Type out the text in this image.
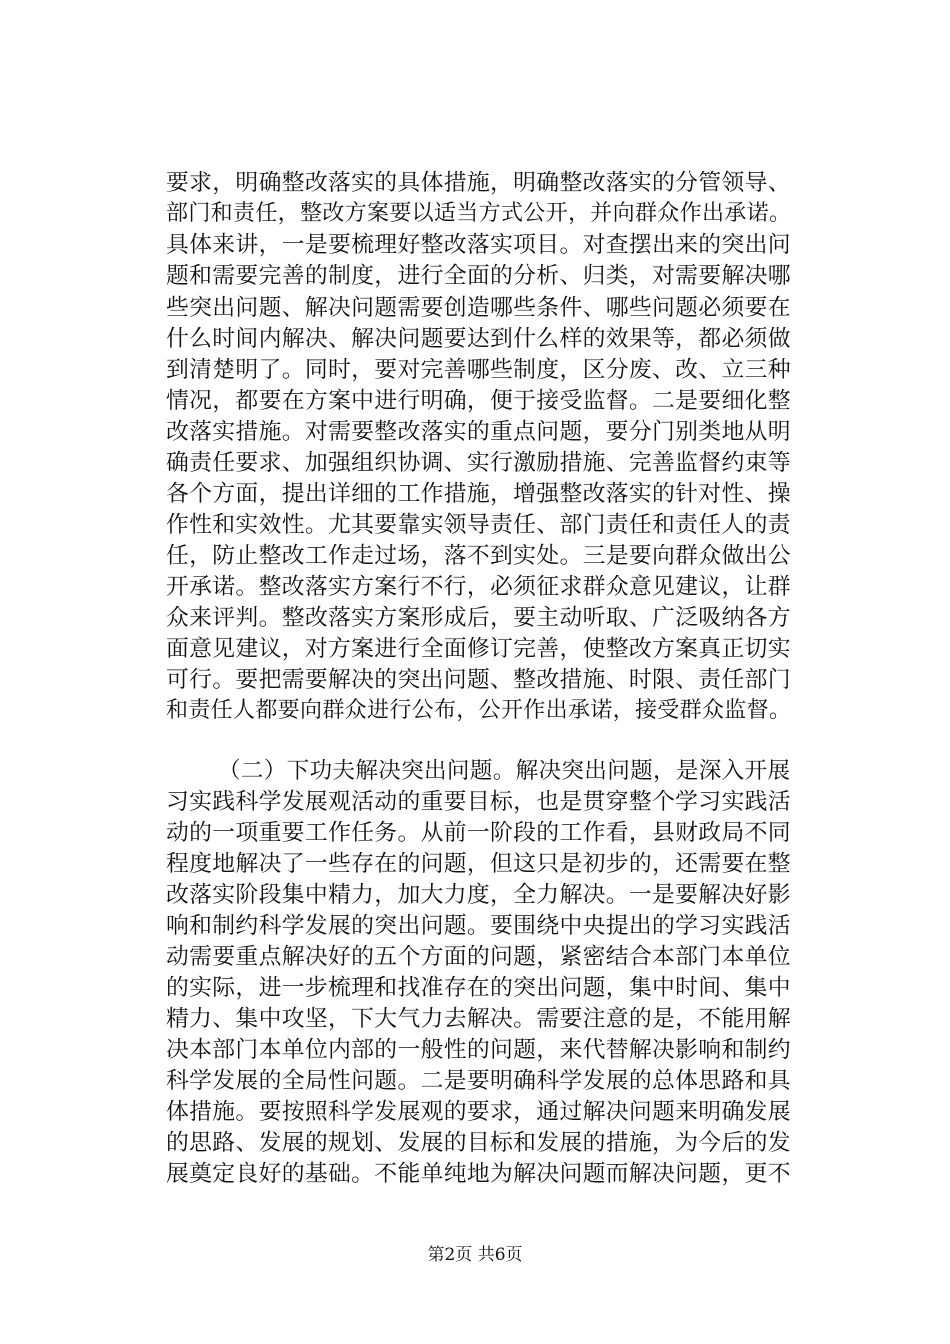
要求，明确整改落实的具体措施，明确整改落实的分管领导、
部门和责任，整改方案要以适当方式公开，并向群众作出承诺。
具体来讲，一是要梳理好整改落实项目。对查摆出来的突出问
题和需要完善的制度，进行全面的分析、归类，对需要解决哪
些突出问题、解决问题需要创造哪些条件、哪些问题必须要在
什么时间内解决、解决问题要达到什么样的效果等，都必须做
到清楚明了。同时，要对完善哪些制度，区分废、改、立三种
情况，都要在方案中进行明确，便于接受监督。二是要细化整
改落实措施。对需要整改落实的重点问题，要分门别类地从明
确责任要求、加强组织协调、实行激励措施、完善监督约束等
各个方面，提出详细的工作措施，增强整改落实的针对性、操
作性和实效性。尤其要靠实领导责任、部门责任和责任人的责
任，防止整改工作走过场，落不到实处。三是要向群众做出公
开承诺。整改落实方案行不行，必须征求群众意见建议，让群
众来评判。整改落实方案形成后，要主动听取、广泛吸纳各方
面意见建议，对方案进行全面修订完善，使整改方案真正切实
可行。要把需要解决的突出问题、整改措施、时限、责任部门
和责任人都要向群众进行公布，公开作出承诺，接受群众监督。
（二）下功夫解决突出问题。解决突出问题，是深入开展
习实践科学发展观活动的重要目标，也是贯穿整个学习实践活
动的一项重要工作任务。从前一阶段的工作看，县财政局不同
程度地解决了一些存在的问题，但这只是初步的，还需要在整
改落实阶段集中精力，加大力度，全力解决。一是要解决好影
响和制约科学发展的突出问题。要围绕中央提出的学习实践活
动需要重点解决好的五个方面的问题，紧密结合本部门本单位
的实际，进一步梳理和找准存在的突出问题，集中时间、集中
精力、集中攻坚，下大气力去解决。需要注意的是，不能用解
决本部门本单位内部的一般性的问题，来代替解决影响和制约
科学发展的全局性问题。二是要明确科学发展的总体思路和具
体措施。要按照科学发展观的要求，通过解决问题来明确发展
的思路、发展的规划、发展的目标和发展的措施，为今后的发
展奠定良好的基础。不能单纯地为解决问题而解决问题，更不
第2页 共6页
